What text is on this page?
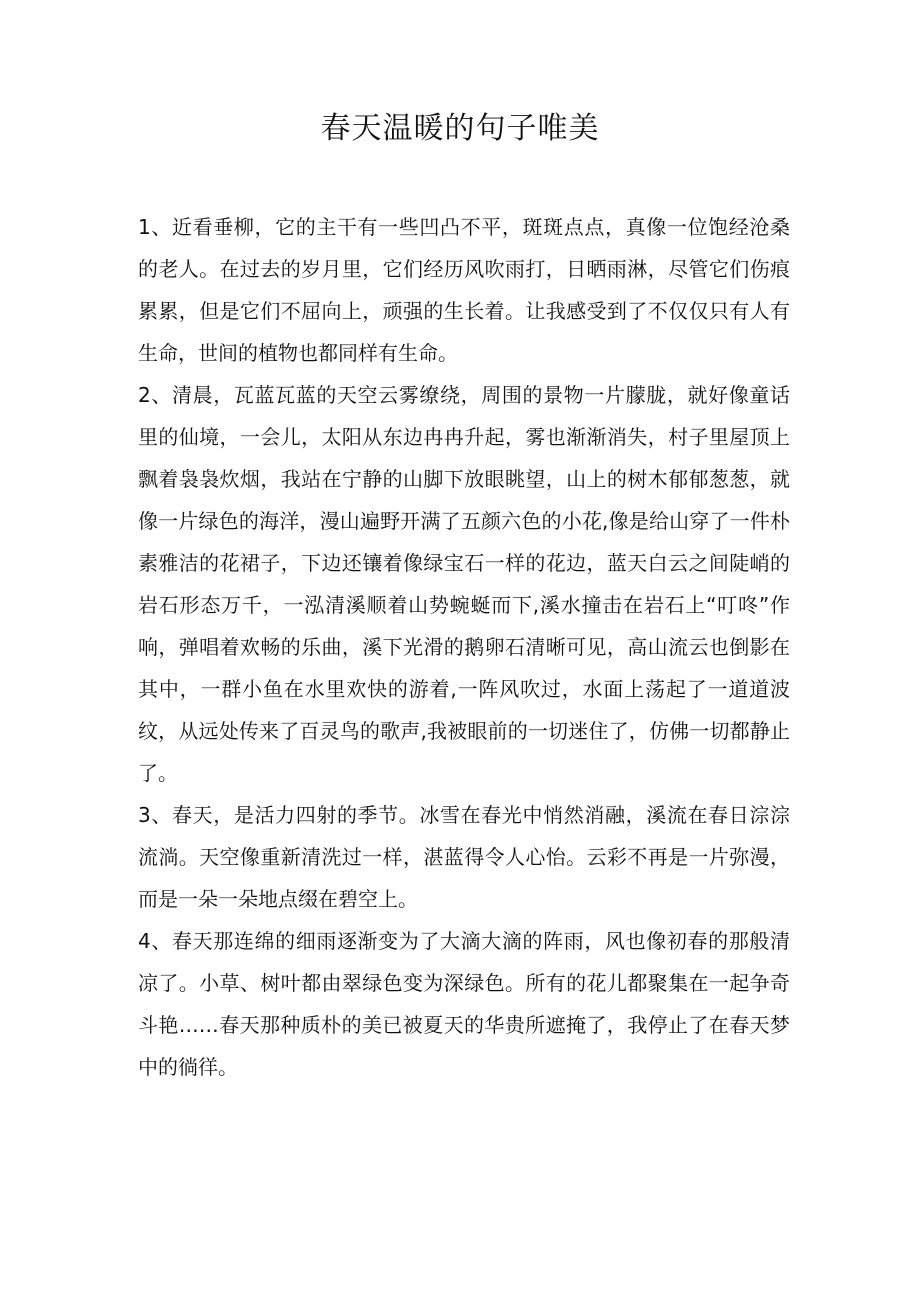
春天温暖的句子唯美

1、近看垂柳，它的主干有一些凹凸不平，斑斑点点，真像一位饱经沧桑的老人。在过去的岁月里，它们经历风吹雨打，日晒雨淋，尽管它们伤痕累累，但是它们不屈向上，顽强的生长着。让我感受到了不仅仅只有人有生命，世间的植物也都同样有生命。

2、清晨，瓦蓝瓦蓝的天空云雾缭绕，周围的景物一片朦胧，就好像童话里的仙境，一会儿，太阳从东边冉冉升起，雾也渐渐消失，村子里屋顶上飘着袅袅炊烟，我站在宁静的山脚下放眼眺望，山上的树木郁郁葱葱，就像一片绿色的海洋，漫山遍野开满了五颜六色的小花,像是给山穿了一件朴素雅洁的花裙子，下边还镶着像绿宝石一样的花边，蓝天白云之间陡峭的岩石形态万千，一泓清溪顺着山势蜿蜒而下,溪水撞击在岩石上“叮咚”作响，弹唱着欢畅的乐曲，溪下光滑的鹅卵石清晰可见，高山流云也倒影在其中，一群小鱼在水里欢快的游着,一阵风吹过，水面上荡起了一道道波纹，从远处传来了百灵鸟的歌声,我被眼前的一切迷住了，仿佛一切都静止了。

3、春天，是活力四射的季节。冰雪在春光中悄然消融，溪流在春日淙淙流淌。天空像重新清洗过一样，湛蓝得令人心怡。云彩不再是一片弥漫，而是一朵一朵地点缀在碧空上。

4、春天那连绵的细雨逐渐变为了大滴大滴的阵雨，风也像初春的那般清凉了。小草、树叶都由翠绿色变为深绿色。所有的花儿都聚集在一起争奇斗艳……春天那种质朴的美已被夏天的华贵所遮掩了，我停止了在春天梦中的徜徉。
